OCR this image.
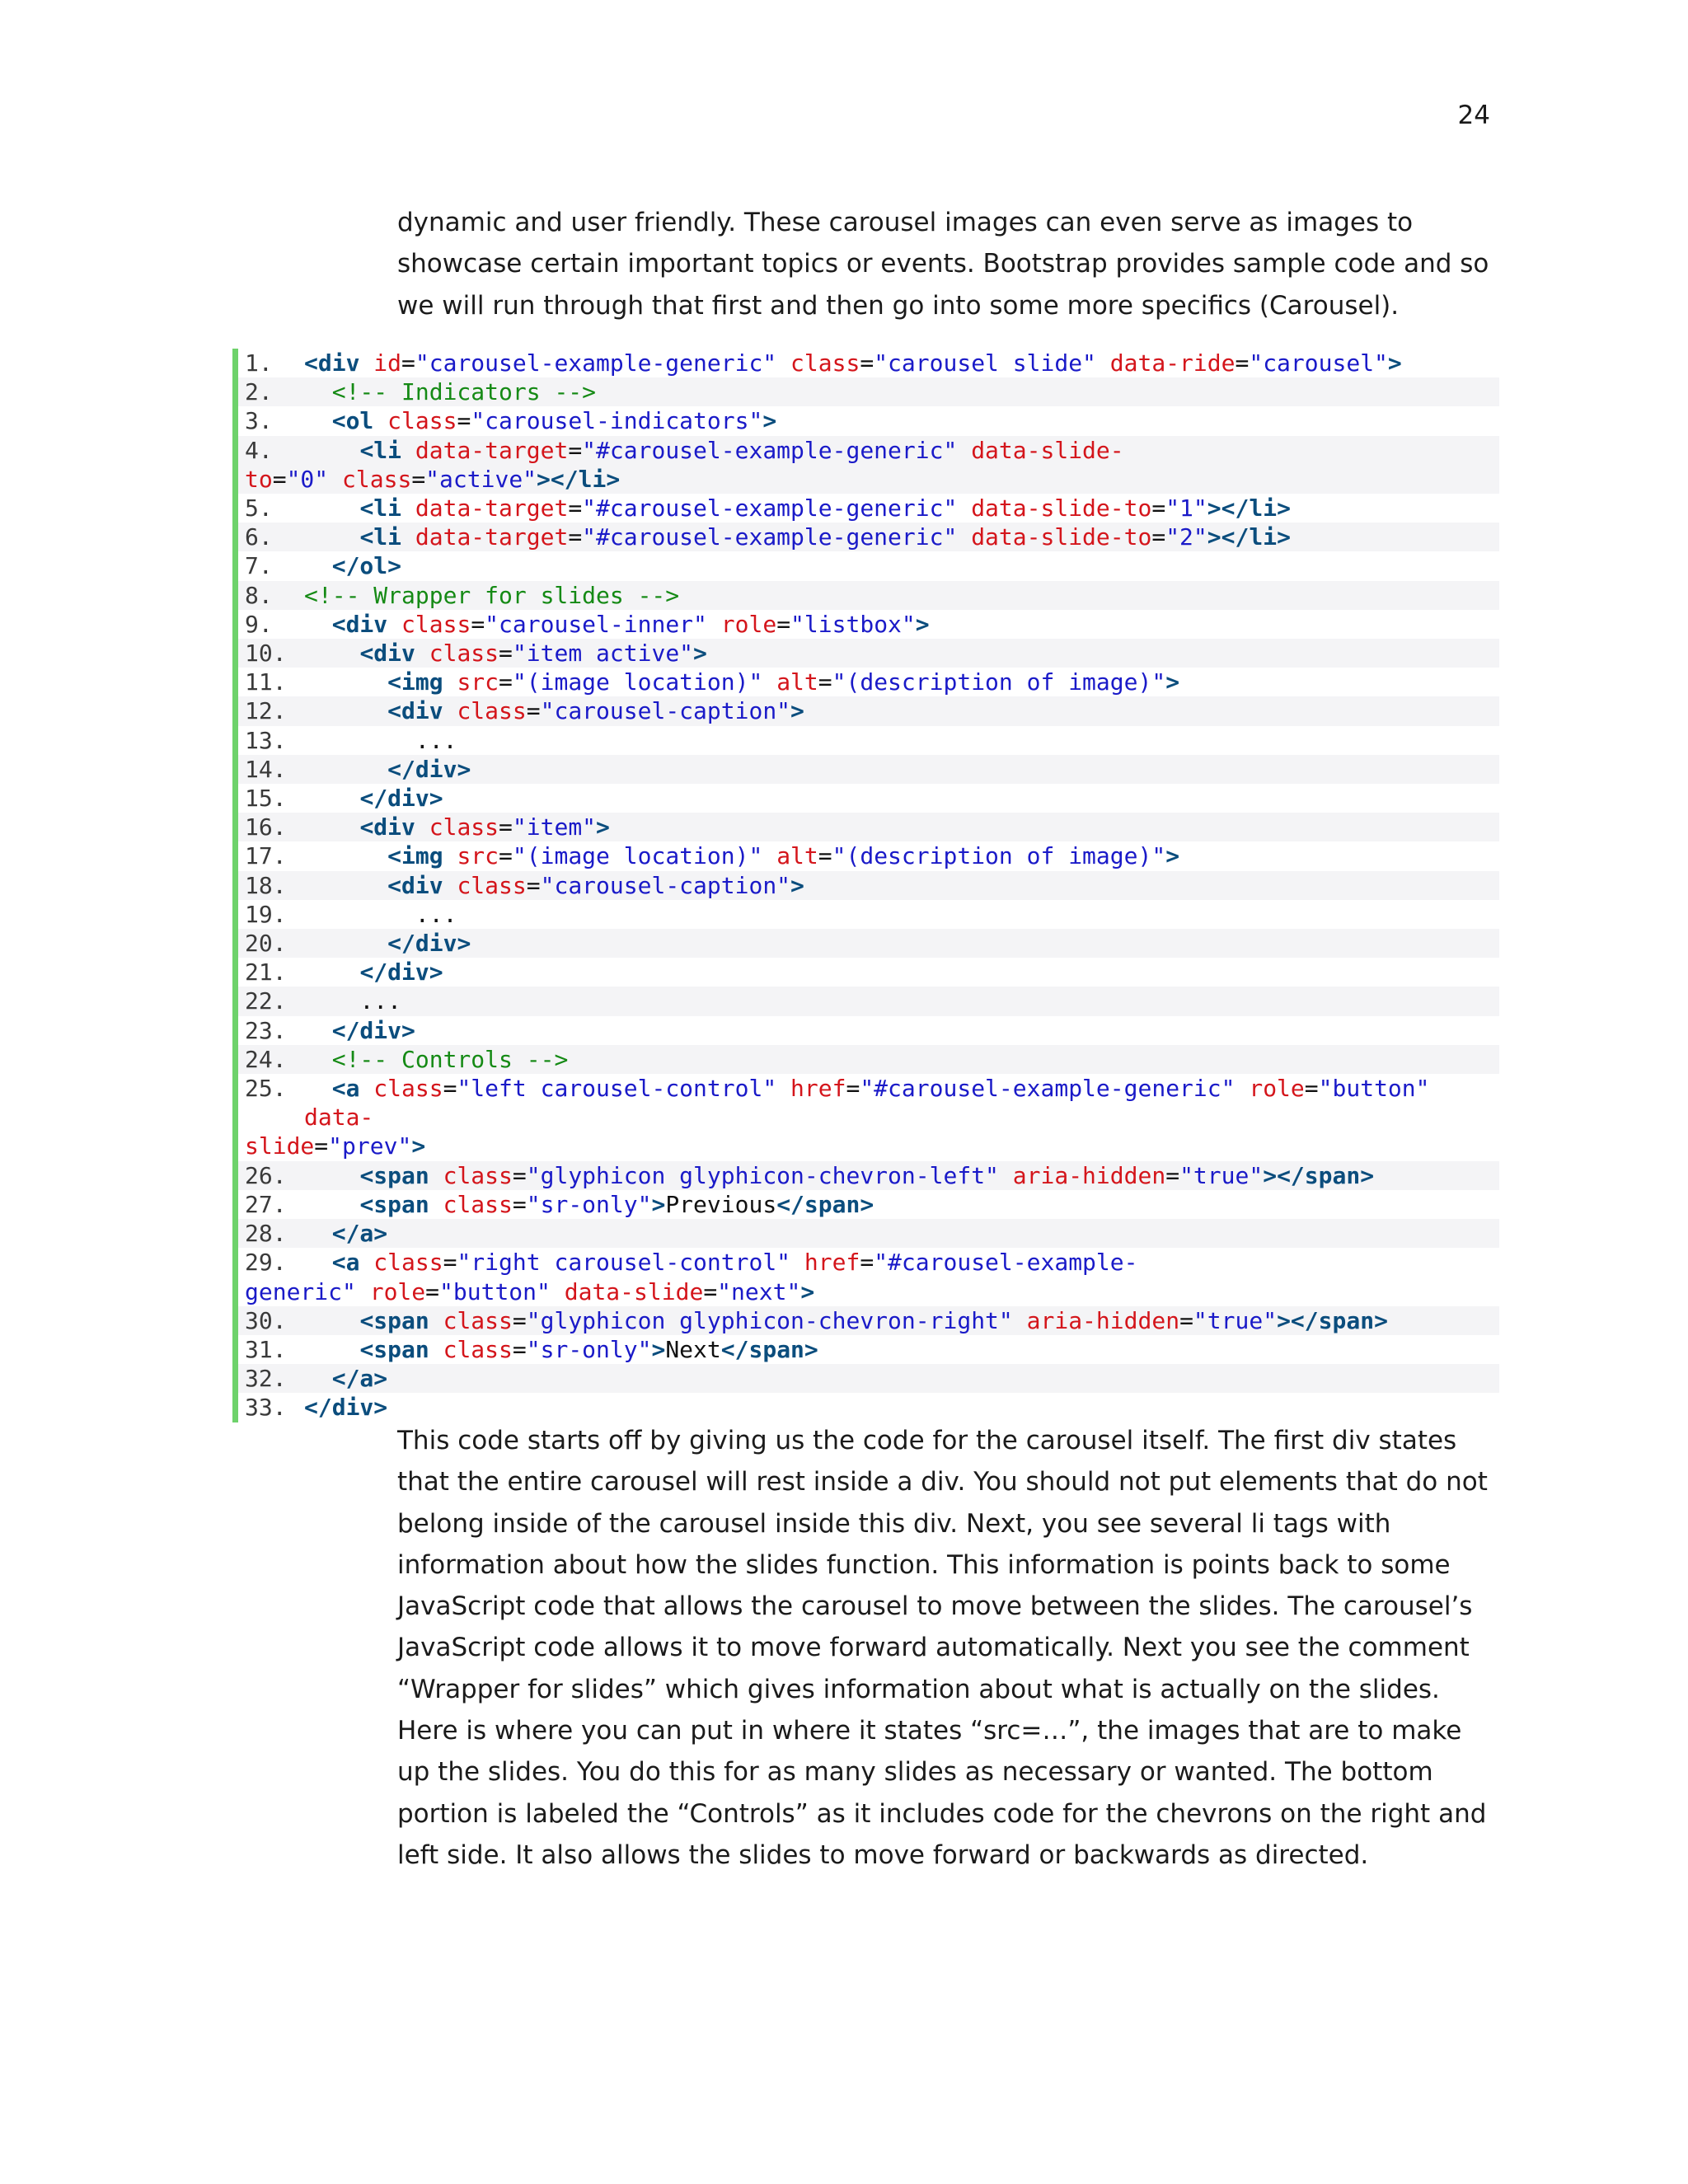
24

dynamic and user friendly. These carousel images can even serve as images to showcase certain important topics or events. Bootstrap provides sample code and so we will run through that first and then go into some more specifics (Carousel).

1.	<div id="carousel-example-generic" class="carousel slide" data-ride="carousel">
2.	<!-- Indicators -->
3.	<ol class="carousel-indicators">
4.	<li data-target="#carousel-example-generic" data-slide-
to="0" class="active"></li>
5.	<li data-target="#carousel-example-generic" data-slide-to="1"></li>
6.	<li data-target="#carousel-example-generic" data-slide-to="2"></li>
7.	</ol>
8.	<!-- Wrapper for slides -->
9.	<div class="carousel-inner" role="listbox">
10.	<div class="item active">
11.	<img src="(image location)" alt="(description of image)">
12.	<div class="carousel-caption">
13. ...
14.	</div>
15.	</div>
16.	<div class="item">
17.	<img src="(image location)" alt="(description of image)">
18.	<div class="carousel-caption">
19. ...
20.	</div>
21.	</div>
22. ...
23.	</div>
24.	<!-- Controls -->
25.	<a class="left carousel-control" href="#carousel-example-generic" role="button" data-
slide="prev">
26.	<span class="glyphicon glyphicon-chevron-left" aria-hidden="true"></span>
27.	<span class="sr-only">Previous</span>
28.	</a>
29.	<a class="right carousel-control" href="#carousel-example-
generic" role="button" data-slide="next">
30.	<span class="glyphicon glyphicon-chevron-right" aria-hidden="true"></span>
31.	<span class="sr-only">Next</span>
32.	</a>
33. </div>

This code starts off by giving us the code for the carousel itself. The first div states that the entire carousel will rest inside a div. You should not put elements that do not belong inside of the carousel inside this div. Next, you see several li tags with information about how the slides function. This information is points back to some JavaScript code that allows the carousel to move between the slides. The carousel’s JavaScript code allows it to move forward automatically. Next you see the comment “Wrapper for slides” which gives information about what is actually on the slides. Here is where you can put in where it states “src=…”, the images that are to make up the slides. You do this for as many slides as necessary or wanted. The bottom portion is labeled the “Controls” as it includes code for the chevrons on the right and left side. It also allows the slides to move forward or backwards as directed.
